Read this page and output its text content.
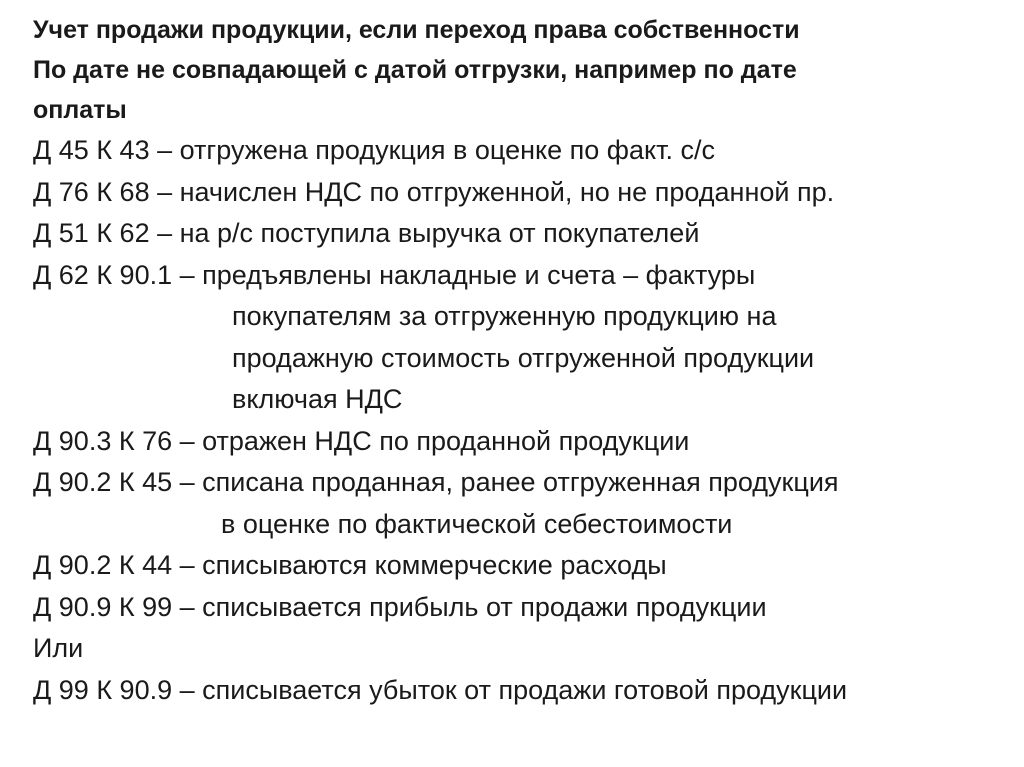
Учет продажи продукции, если переход права собственности
По дате не совпадающей с датой отгрузки, например по дате
оплаты
Д 45 К 43 – отгружена продукция в оценке по факт. с/с
Д 76 К 68 – начислен НДС по отгруженной, но не проданной пр.
Д 51 К 62 – на р/с поступила выручка от покупателей
Д 62 К 90.1 – предъявлены накладные и счета – фактуры
покупателям за отгруженную продукцию на
продажную стоимость отгруженной продукции
включая НДС
Д 90.3 К 76 – отражен НДС по проданной продукции
Д 90.2 К 45 – списана проданная, ранее отгруженная продукция
в оценке по фактической себестоимости
Д 90.2 К 44 – списываются коммерческие расходы
Д 90.9 К 99 – списывается прибыль от продажи продукции
Или
Д 99 К 90.9 – списывается убыток от продажи готовой продукции
